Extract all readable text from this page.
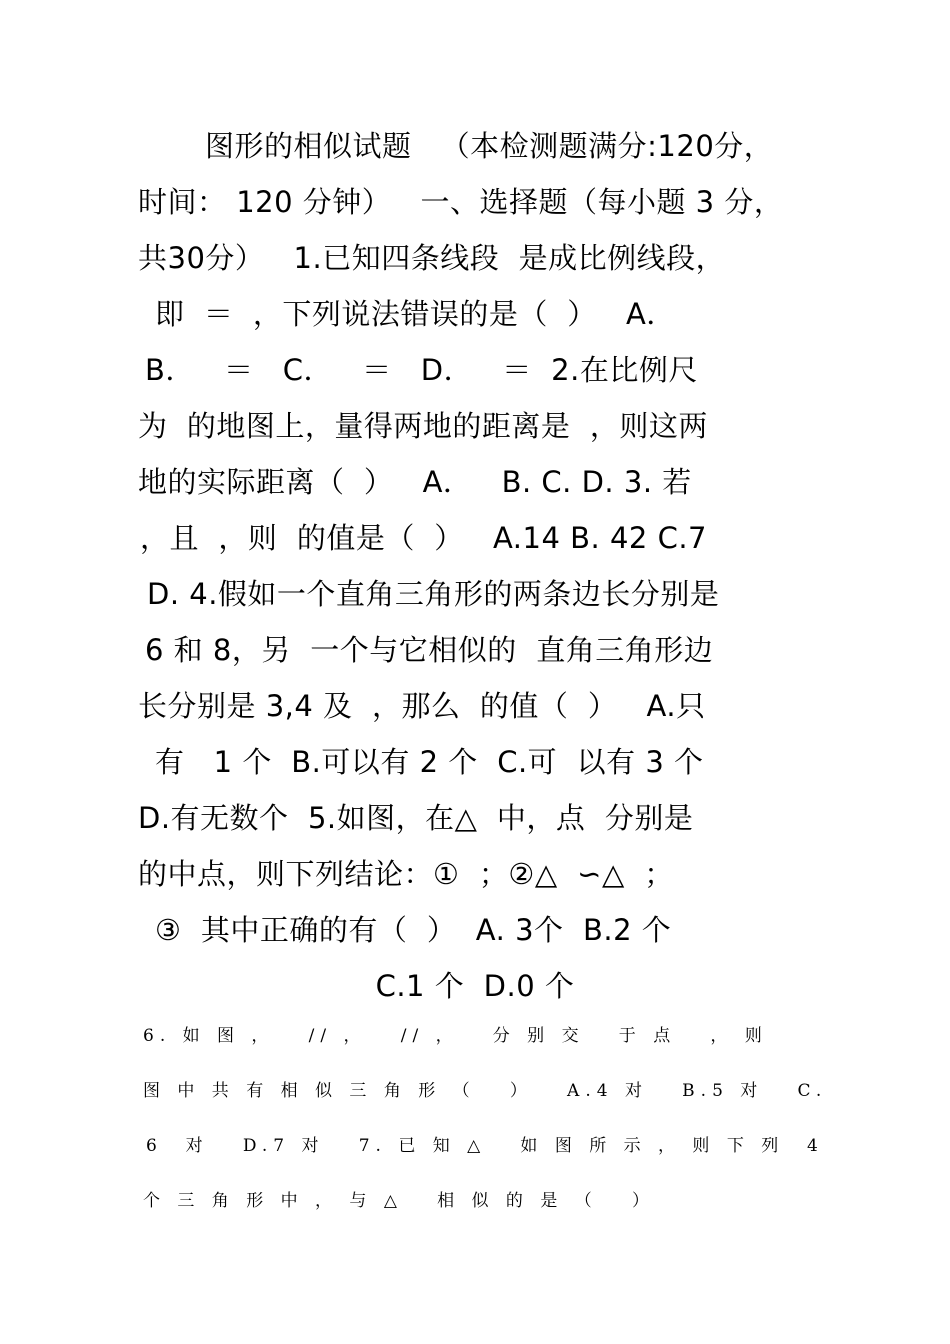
图形的相似试题   （本检测题满分:120分，
时间： 120 分钟）   一、选择题（每小题 3 分，
共30分）   1.已知四条线段  是成比例线段，
即  ＝  ，下列说法错误的是（  ）   A．
B．   ＝   C．   ＝   D．   ＝  2.在比例尺
为  的地图上，量得两地的距离是  ，则这两
地的实际距离（  ）   A．   B. C. D. 3. 若
，且  ，则  的值是（  ）   A.14 B. 42 C.7
D. 4.假如一个直角三角形的两条边长分别是
6 和 8，另  一个与它相似的  直角三角形边
长分别是 3,4 及  ，那么  的值（  ）   A.只
有   1 个  B.可以有 2 个  C.可  以有 3 个
D.有无数个  5.如图，在△  中，点  分别是
的中点，则下列结论：①  ；②△  ∽△  ；
③  其中正确的有（  ）  A. 3个  B.2 个
C.1 个  D.0 个
6. 如 图 ，   // ，   // ，   分 别 交   于 点   ， 则
图 中 共 有 相 似 三 角 形 （   ）   A.4 对   B.5 对   C.
6  对   D.7 对   7. 已 知 △   如 图 所 示 ， 则 下 列  4
个 三 角 形 中 ， 与 △   相 似 的 是 （   ）
